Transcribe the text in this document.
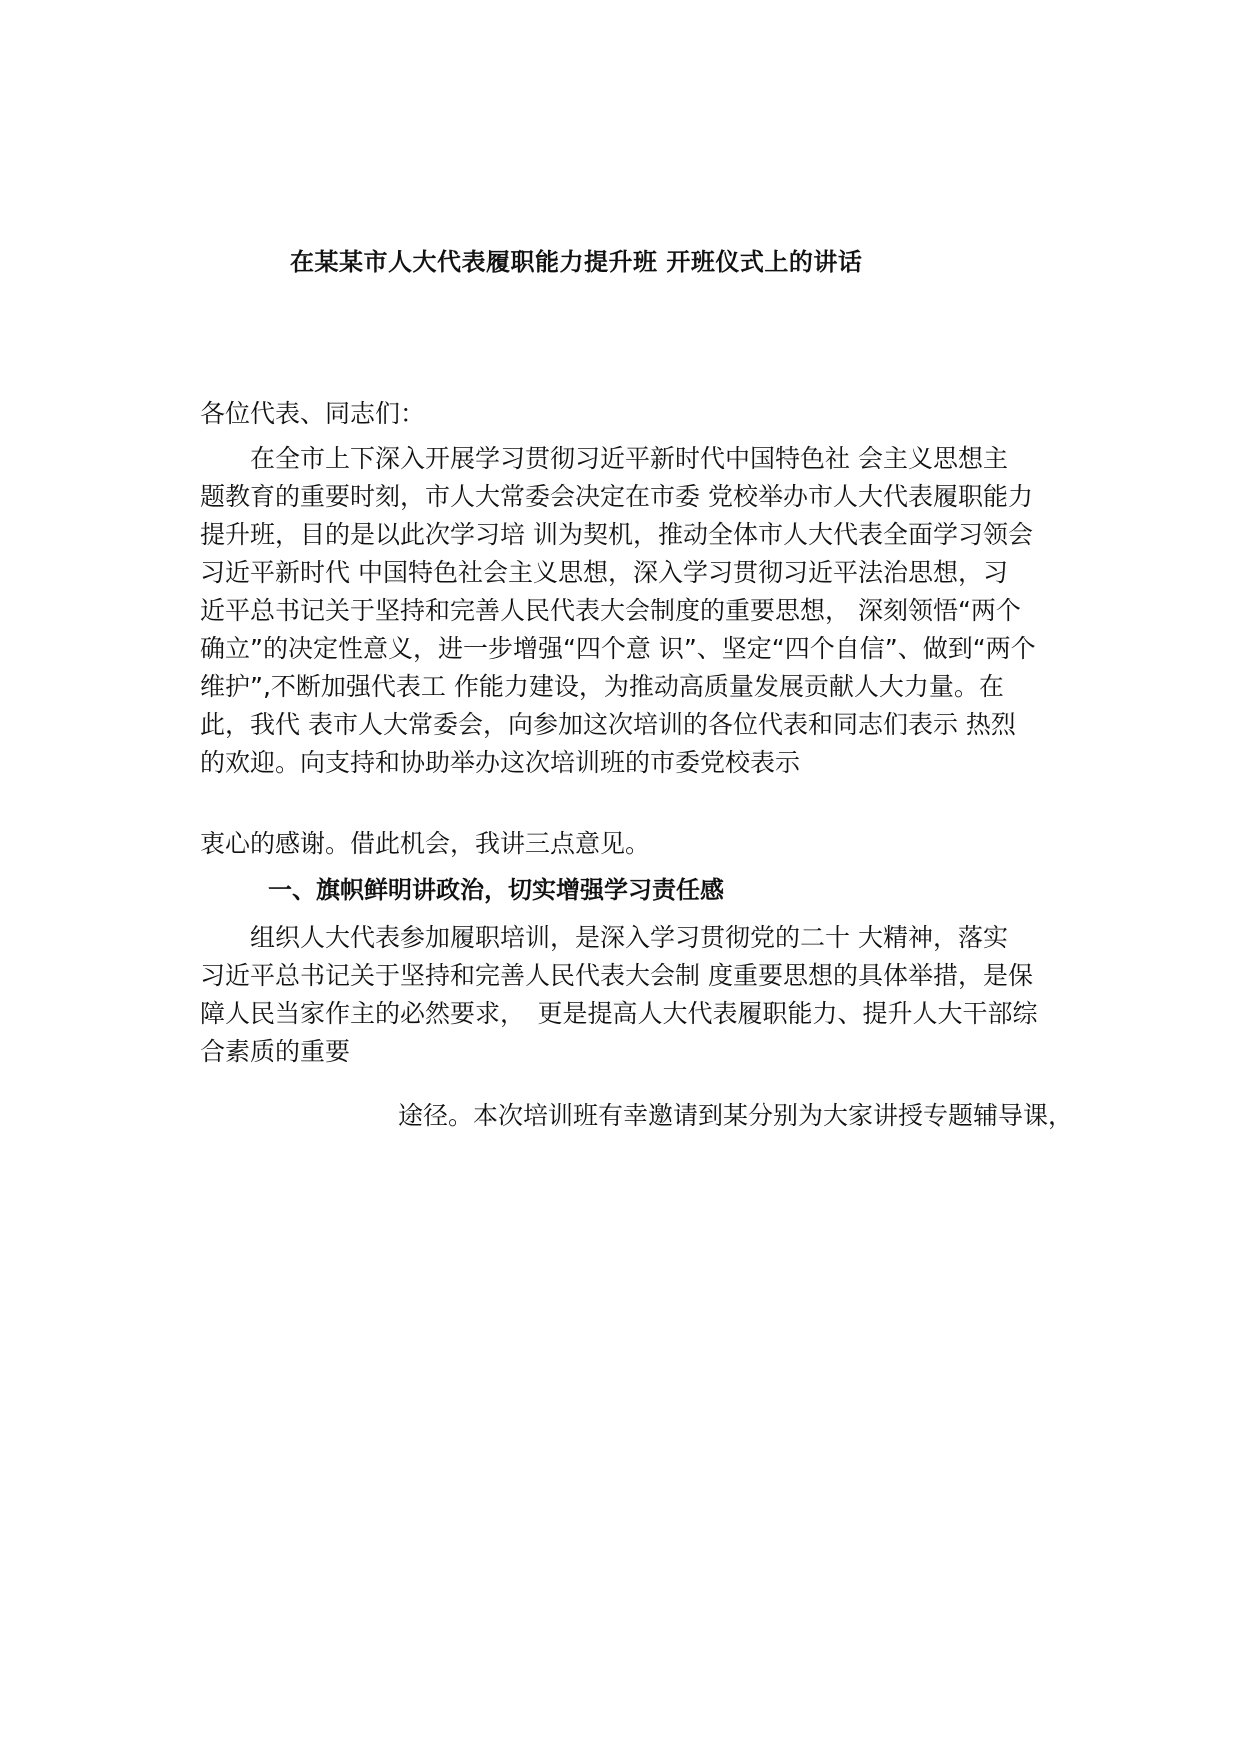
在某某市人大代表履职能力提升班 开班仪式上的讲话
各位代表、同志们：
　　在全市上下深入开展学习贯彻习近平新时代中国特色社 会主义思想主
题教育的重要时刻，市人大常委会决定在市委 党校举办市人大代表履职能力
提升班，目的是以此次学习培 训为契机，推动全体市人大代表全面学习领会
习近平新时代 中国特色社会主义思想，深入学习贯彻习近平法治思想，习
近平总书记关于坚持和完善人民代表大会制度的重要思想， 深刻领悟“两个
确立”的决定性意义，进一步增强“四个意 识”、坚定“四个自信”、做到“两个
维护”,不断加强代表工 作能力建设，为推动高质量发展贡献人大力量。在
此，我代 表市人大常委会，向参加这次培训的各位代表和同志们表示 热烈
的欢迎。向支持和协助举办这次培训班的市委党校表示
衷心的感谢。借此机会，我讲三点意见。
一、旗帜鲜明讲政治，切实增强学习责任感
　　组织人大代表参加履职培训，是深入学习贯彻党的二十 大精神，落实
习近平总书记关于坚持和完善人民代表大会制 度重要思想的具体举措，是保
障人民当家作主的必然要求，　更是提高人大代表履职能力、提升人大干部综
合素质的重要
途径。本次培训班有幸邀请到某分别为大家讲授专题辅导课，
